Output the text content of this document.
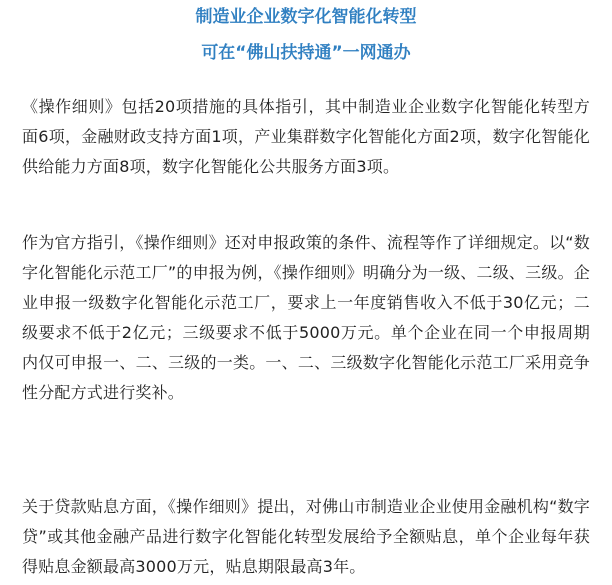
制造业企业数字化智能化转型
可在“佛山扶持通”一网通办

《操作细则》包括20项措施的具体指引，其中制造业企业数字化智能化转型方面6项，金融财政支持方面1项，产业集群数字化智能化方面2项，数字化智能化供给能力方面8项，数字化智能化公共服务方面3项。

作为官方指引，《操作细则》还对申报政策的条件、流程等作了详细规定。以“数字化智能化示范工厂”的申报为例，《操作细则》明确分为一级、二级、三级。企业申报一级数字化智能化示范工厂，要求上一年度销售收入不低于30亿元；二级要求不低于2亿元；三级要求不低于5000万元。单个企业在同一个申报周期内仅可申报一、二、三级的一类。一、二、三级数字化智能化示范工厂采用竞争性分配方式进行奖补。

关于贷款贴息方面，《操作细则》提出，对佛山市制造业企业使用金融机构“数字贷”或其他金融产品进行数字化智能化转型发展给予全额贴息，单个企业每年获得贴息金额最高3000万元，贴息期限最高3年。
